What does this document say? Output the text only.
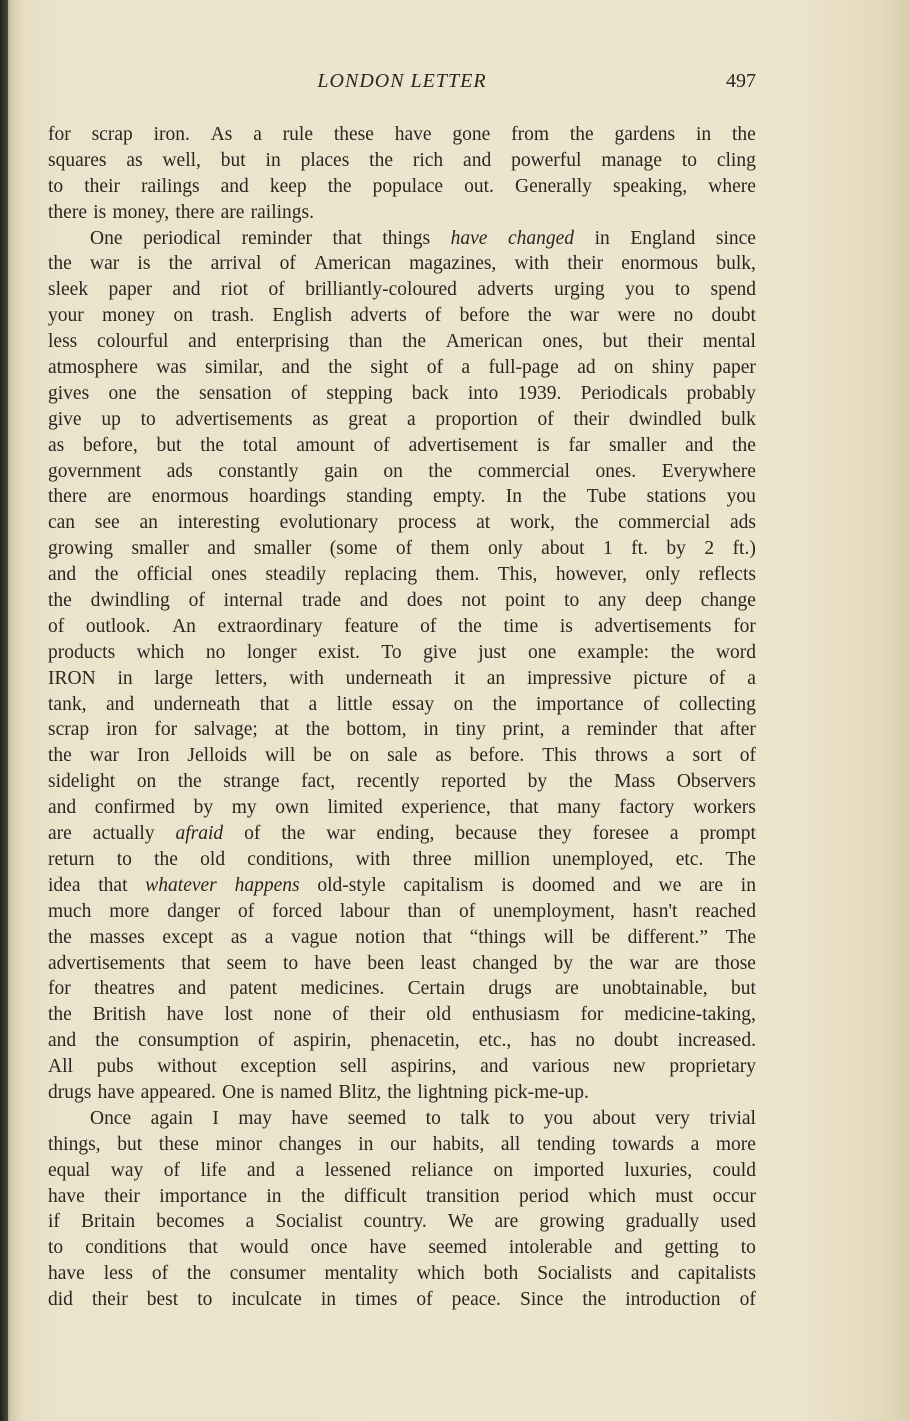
LONDON LETTER	497
for scrap iron. As a rule these have gone from the gardens in the
squares as well, but in places the rich and powerful manage to cling
to their railings and keep the populace out. Generally speaking, where
there is money, there are railings.
One periodical reminder that things have changed in England since
the war is the arrival of American magazines, with their enormous bulk,
sleek paper and riot of brilliantly-coloured adverts urging you to spend
your money on trash. English adverts of before the war were no doubt
less colourful and enterprising than the American ones, but their mental
atmosphere was similar, and the sight of a full-page ad on shiny paper
gives one the sensation of stepping back into 1939. Periodicals probably
give up to advertisements as great a proportion of their dwindled bulk
as before, but the total amount of advertisement is far smaller and the
government ads constantly gain on the commercial ones. Everywhere
there are enormous hoardings standing empty. In the Tube stations you
can see an interesting evolutionary process at work, the commercial ads
growing smaller and smaller (some of them only about 1 ft. by 2 ft.)
and the official ones steadily replacing them. This, however, only reflects
the dwindling of internal trade and does not point to any deep change
of outlook. An extraordinary feature of the time is advertisements for
products which no longer exist. To give just one example: the word
IRON in large letters, with underneath it an impressive picture of a
tank, and underneath that a little essay on the importance of collecting
scrap iron for salvage; at the bottom, in tiny print, a reminder that after
the war Iron Jelloids will be on sale as before. This throws a sort of
sidelight on the strange fact, recently reported by the Mass Observers
and confirmed by my own limited experience, that many factory workers
are actually afraid of the war ending, because they foresee a prompt
return to the old conditions, with three million unemployed, etc. The
idea that whatever happens old-style capitalism is doomed and we are in
much more danger of forced labour than of unemployment, hasn't reached
the masses except as a vague notion that “things will be different.” The
advertisements that seem to have been least changed by the war are those
for theatres and patent medicines. Certain drugs are unobtainable, but
the British have lost none of their old enthusiasm for medicine-taking,
and the consumption of aspirin, phenacetin, etc., has no doubt increased.
All pubs without exception sell aspirins, and various new proprietary
drugs have appeared. One is named Blitz, the lightning pick-me-up.
Once again I may have seemed to talk to you about very trivial
things, but these minor changes in our habits, all tending towards a more
equal way of life and a lessened reliance on imported luxuries, could
have their importance in the difficult transition period which must occur
if Britain becomes a Socialist country. We are growing gradually used
to conditions that would once have seemed intolerable and getting to
have less of the consumer mentality which both Socialists and capitalists
did their best to inculcate in times of peace. Since the introduction of
